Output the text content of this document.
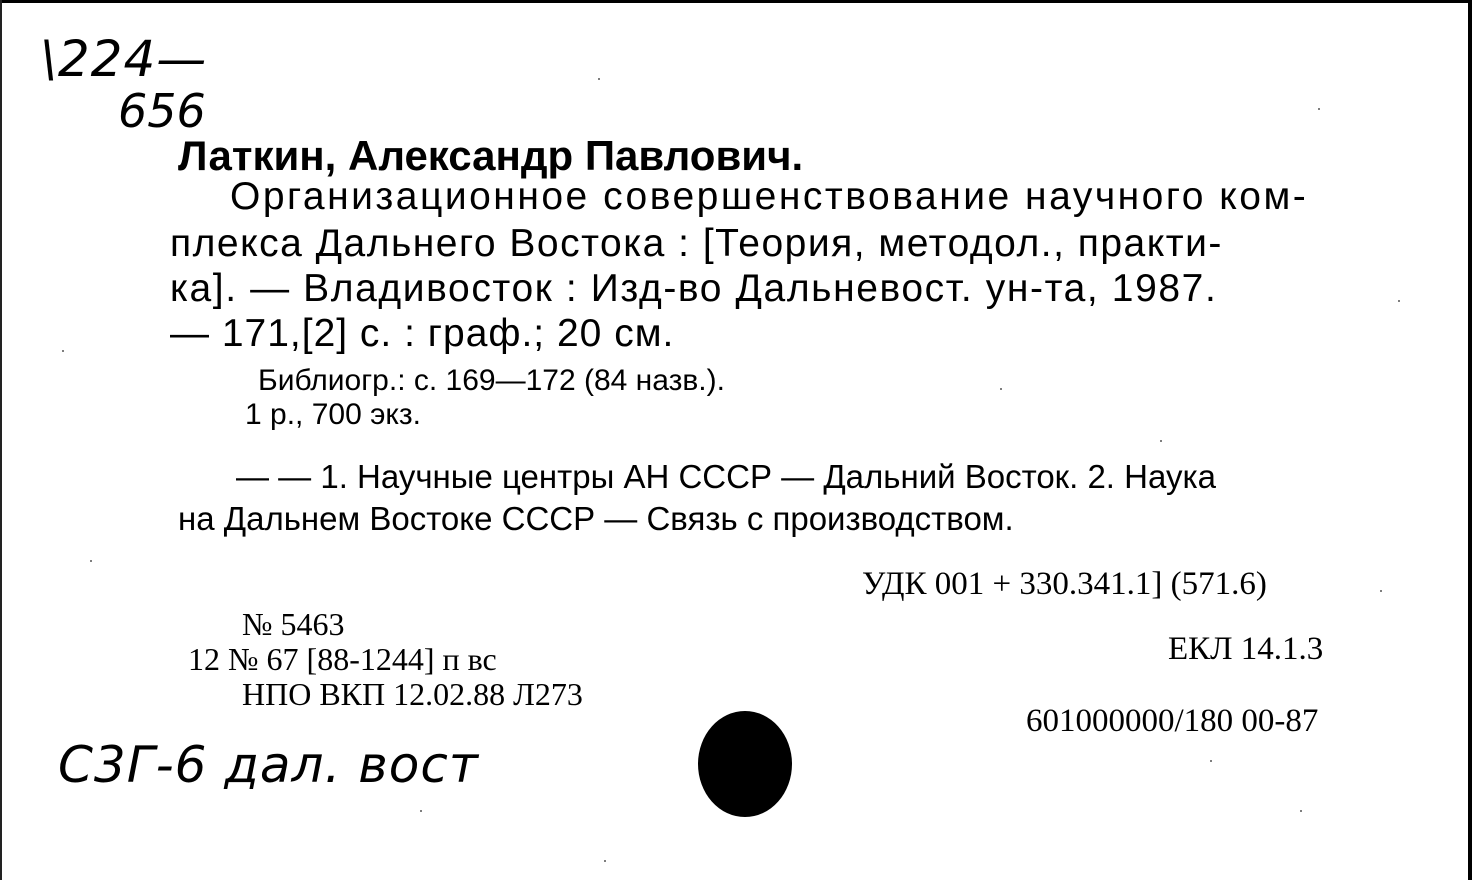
\224—
656
Латкин, Александр Павлович.
Организационное совершенствование научного ком-
плекса Дальнего Востока : [Теория, методол., практи-
ка]. — Владивосток : Изд-во Дальневост. ун-та, 1987.
— 171,[2] с. : граф.; 20 см.
Библиогр.: с. 169—172 (84 назв.).
1 р., 700 экз.
— — 1. Научные центры АН СССР — Дальний Восток. 2. Наука
на Дальнем Востоке СССР — Связь с производством.
УДК 001 + 330.341.1] (571.6)
№ 5463
12 № 67 [88-1244] п вс
НПО ВКП 12.02.88 Л273
ЕКЛ 14.1.3
601000000/180 00-87
С3Г-6 дал. вост
